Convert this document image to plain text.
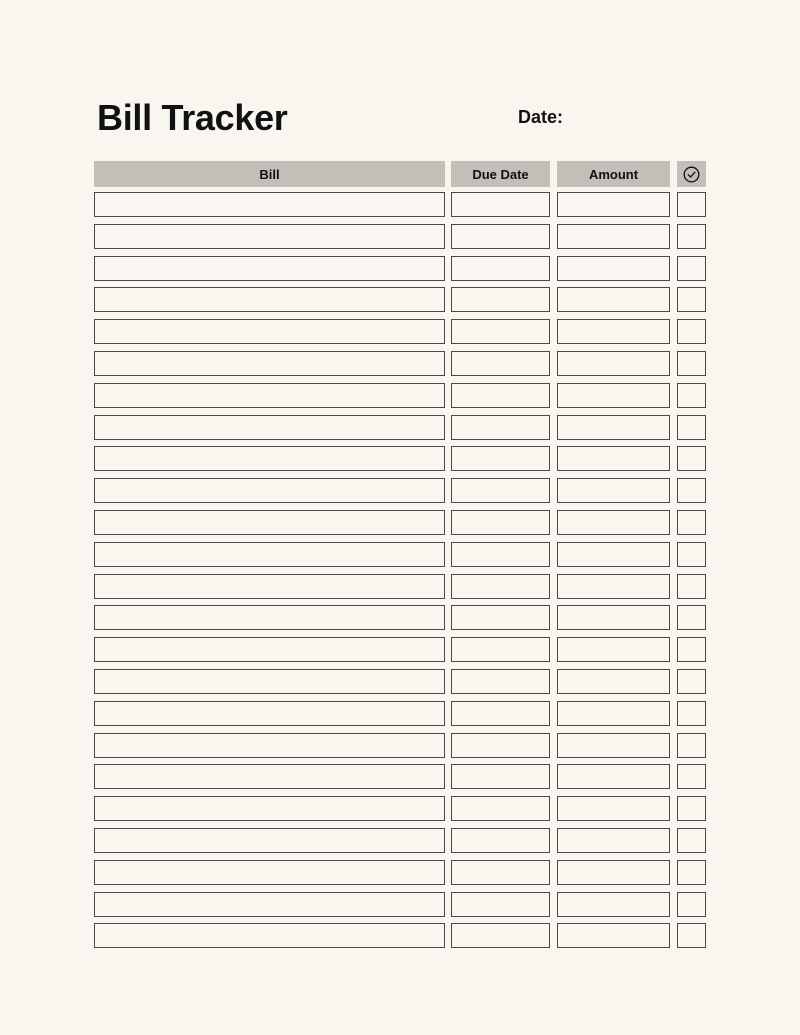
Bill Tracker	Date:
Bill	Due Date	Amount
